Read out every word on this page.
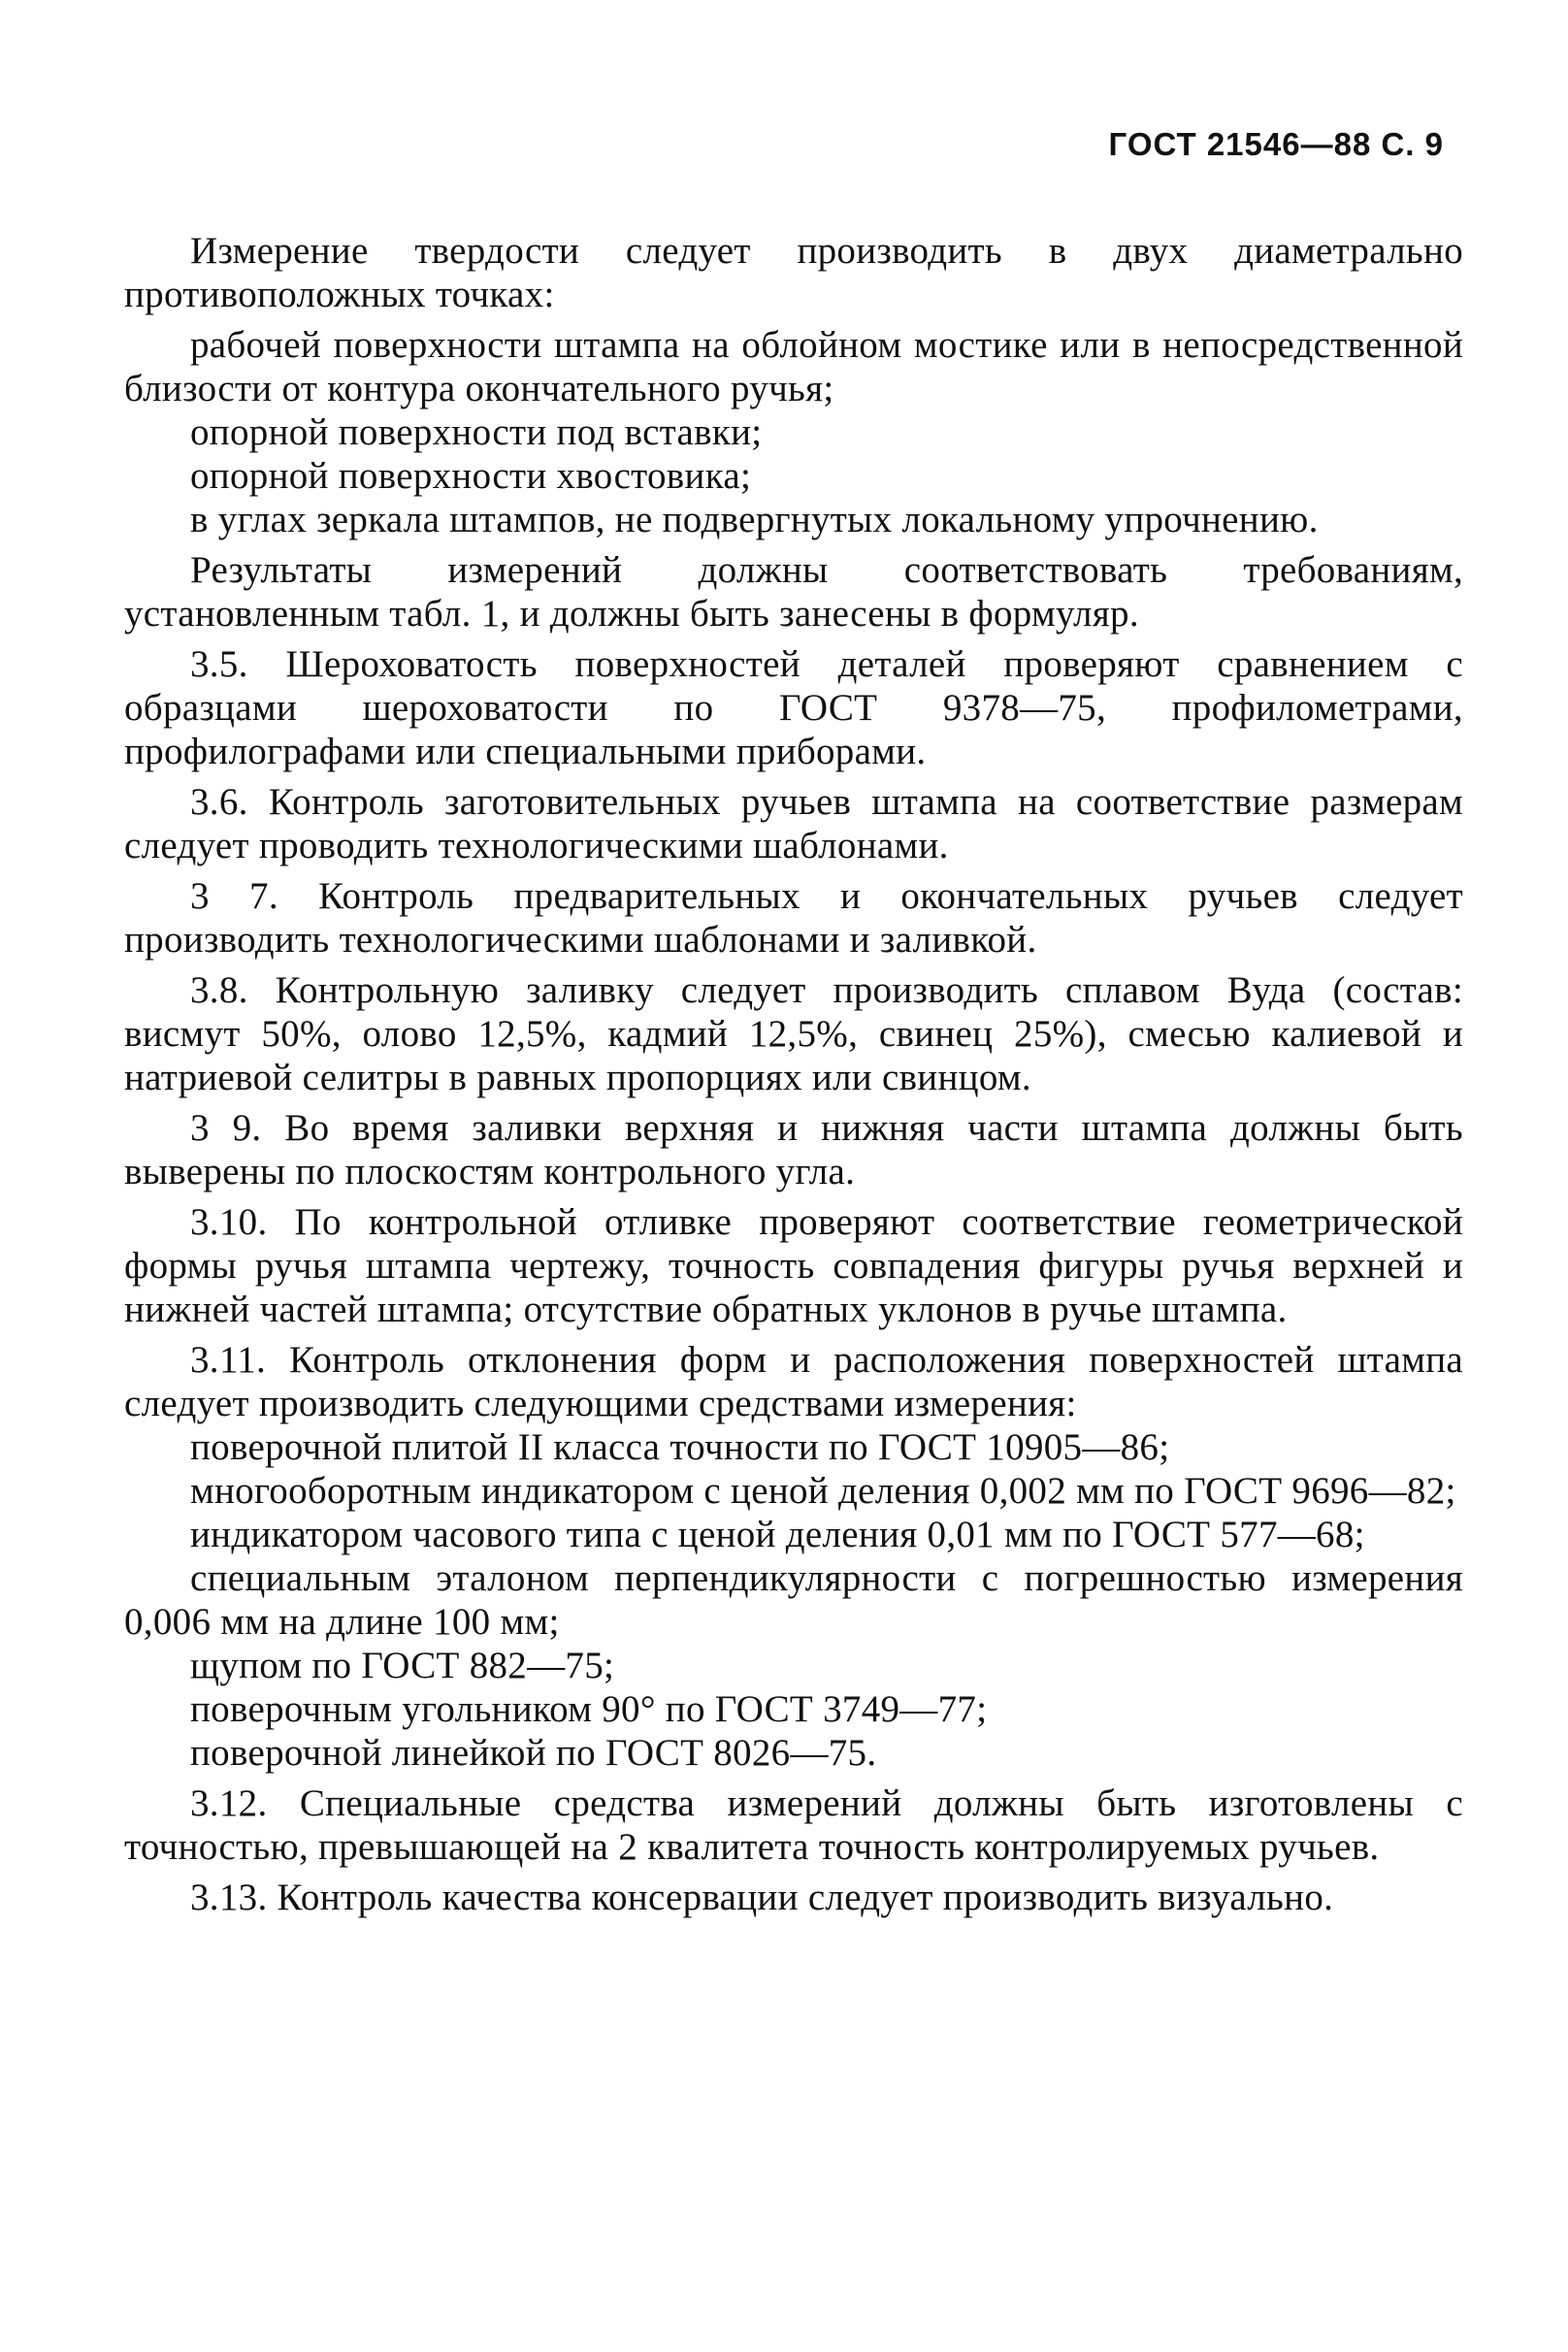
ГОСТ 21546—88 С. 9

Измерение твердости следует производить в двух диаметрально противоположных точках:

рабочей поверхности штампа на облойном мостике или в непосредственной близости от контура окончательного ручья;

опорной поверхности под вставки;

опорной поверхности хвостовика;

в углах зеркала штампов, не подвергнутых локальному упрочнению.

Результаты измерений должны соответствовать требованиям, установленным табл. 1, и должны быть занесены в формуляр.

3.5. Шероховатость поверхностей деталей проверяют сравнением с образцами шероховатости по ГОСТ 9378—75, профилометрами, профилографами или специальными приборами.

3.6. Контроль заготовительных ручьев штампа на соответствие размерам следует проводить технологическими шаблонами.

3 7. Контроль предварительных и окончательных ручьев следует производить технологическими шаблонами и заливкой.

3.8. Контрольную заливку следует производить сплавом Вуда (состав: висмут 50%, олово 12,5%, кадмий 12,5%, свинец 25%), смесью калиевой и натриевой селитры в равных пропорциях или свинцом.

3 9. Во время заливки верхняя и нижняя части штампа должны быть выверены по плоскостям контрольного угла.

3.10. По контрольной отливке проверяют соответствие геометрической формы ручья штампа чертежу, точность совпадения фигуры ручья верхней и нижней частей штампа; отсутствие обратных уклонов в ручье штампа.

3.11. Контроль отклонения форм и расположения поверхностей штампа следует производить следующими средствами измерения:

поверочной плитой II класса точности по ГОСТ 10905—86;

многооборотным индикатором с ценой деления 0,002 мм по ГОСТ 9696—82;

индикатором часового типа с ценой деления 0,01 мм по ГОСТ 577—68;

специальным эталоном перпендикулярности с погрешностью измерения 0,006 мм на длине 100 мм;

щупом по ГОСТ 882—75;

поверочным угольником 90° по ГОСТ 3749—77;

поверочной линейкой по ГОСТ 8026—75.

3.12. Специальные средства измерений должны быть изготовлены с точностью, превышающей на 2 квалитета точность контролируемых ручьев.

3.13. Контроль качества консервации следует производить визуально.
